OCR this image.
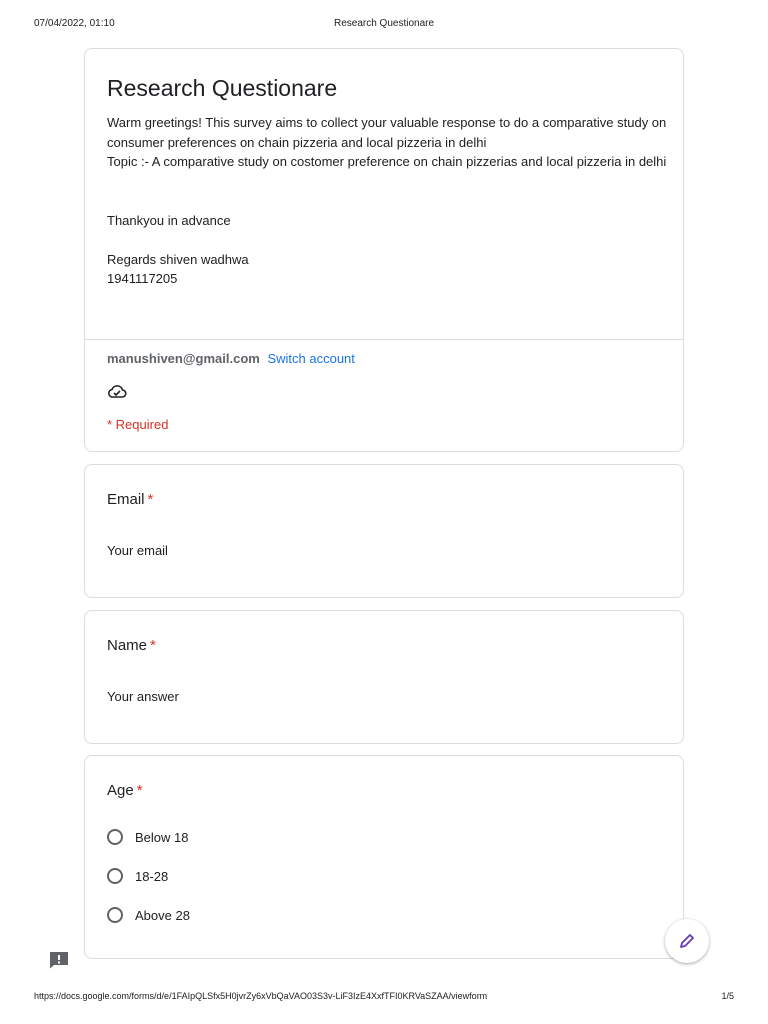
07/04/2022, 01:10	Research Questionare
Research Questionare

Warm greetings! This survey aims to collect your valuable response to do a comparative study on consumer preferences on chain pizzeria and local pizzeria in delhi

Topic :- A comparative study on costomer preference on chain pizzerias and local pizzeria in delhi

Thankyou in advance

Regards shiven wadhwa

1941117205

manushiven@gmail.com Switch account
* Required
Email *
Your email
Name *
Your answer
Age *
Below 18
18-28
Above 28
https://docs.google.com/forms/d/e/1FAIpQLSfx5H0jvrZy6xVbQaVAO03S3v-LiF3IzE4XxfTFI0KRVaSZAA/viewform	1/5
